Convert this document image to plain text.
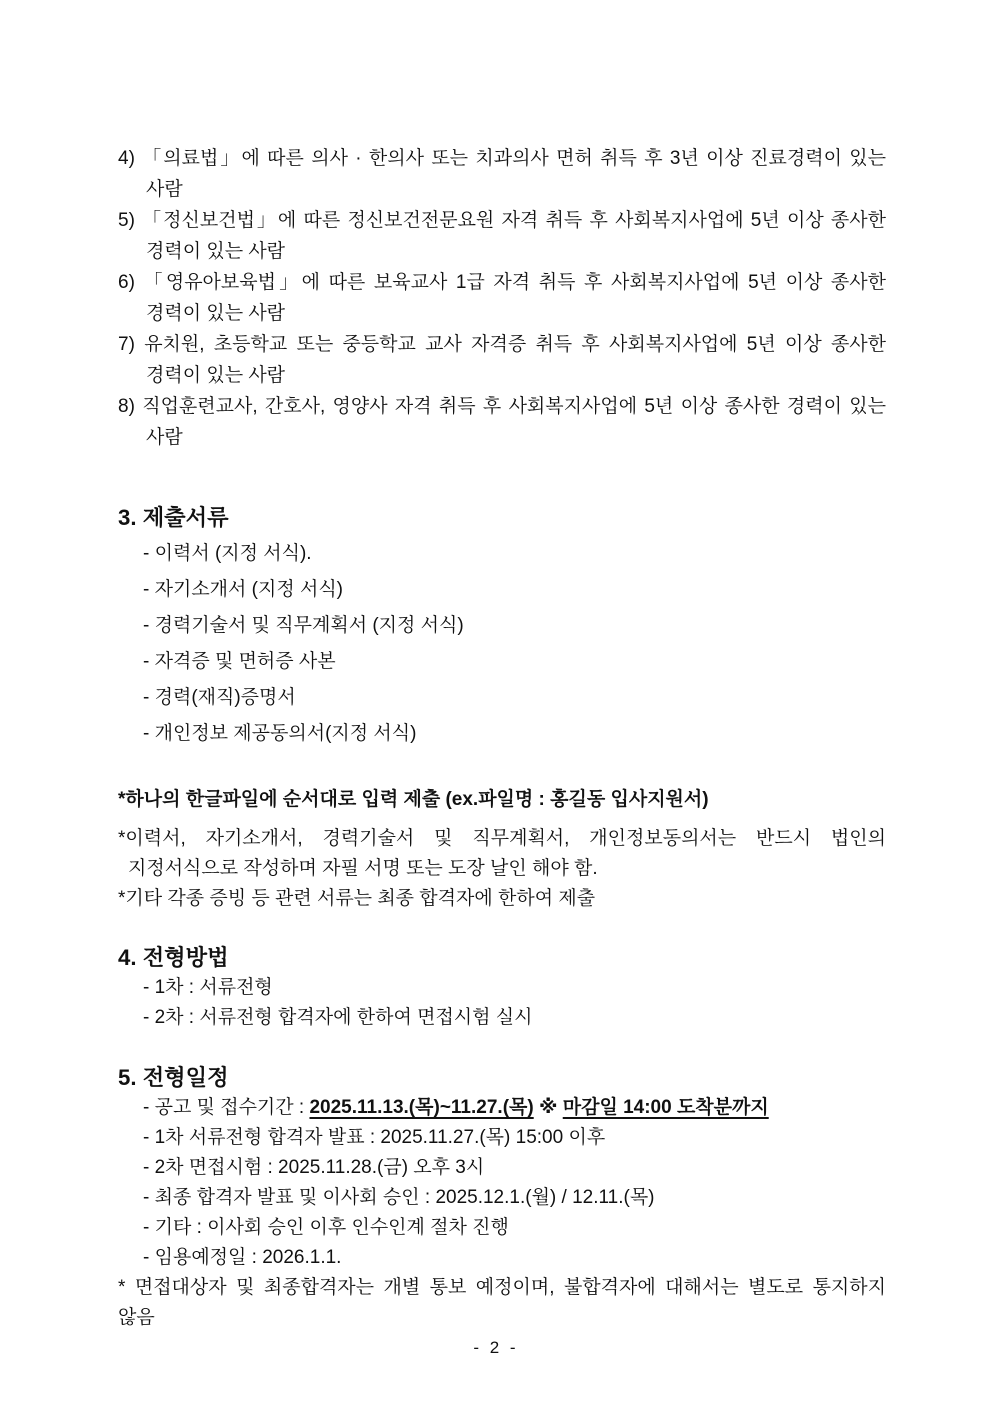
4) 「의료법」에 따른 의사 · 한의사 또는 치과의사 면허 취득 후 3년 이상 진료경력이 있는 사람

5) 「정신보건법」에 따른 정신보건전문요원 자격 취득 후 사회복지사업에 5년 이상 종사한 경력이 있는 사람

6) 「영유아보육법」에 따른 보육교사 1급 자격 취득 후 사회복지사업에 5년 이상 종사한 경력이 있는 사람

7) 유치원, 초등학교 또는 중등학교 교사 자격증 취득 후 사회복지사업에 5년 이상 종사한 경력이 있는 사람

8) 직업훈련교사, 간호사, 영양사 자격 취득 후 사회복지사업에 5년 이상 종사한 경력이 있는 사람

3. 제출서류
- 이력서 (지정 서식).
- 자기소개서 (지정 서식)
- 경력기술서 및 직무계획서 (지정 서식)
- 자격증 및 면허증 사본
- 경력(재직)증명서
- 개인정보 제공동의서(지정 서식)

*하나의 한글파일에 순서대로 입력 제출 (ex.파일명 : 홍길동 입사지원서)

*이력서, 자기소개서, 경력기술서 및 직무계획서, 개인정보동의서는 반드시 법인의 지정서식으로 작성하며 자필 서명 또는 도장 날인 해야 함.

*기타 각종 증빙 등 관련 서류는 최종 합격자에 한하여 제출

4. 전형방법
- 1차 : 서류전형
- 2차 : 서류전형 합격자에 한하여 면접시험 실시
5. 전형일정
- 공고 및 접수기간 : 2025.11.13.(목)~11.27.(목) ※ 마감일 14:00 도착분까지
- 1차 서류전형 합격자 발표 : 2025.11.27.(목) 15:00 이후
- 2차 면접시험 : 2025.11.28.(금) 오후 3시
- 최종 합격자 발표 및 이사회 승인 : 2025.12.1.(월) / 12.11.(목)
- 기타 : 이사회 승인 이후 인수인계 절차 진행
- 임용예정일 : 2026.1.1.

* 면접대상자 및 최종합격자는 개별 통보 예정이며, 불합격자에 대해서는 별도로 통지하지 않음

- 2 -
